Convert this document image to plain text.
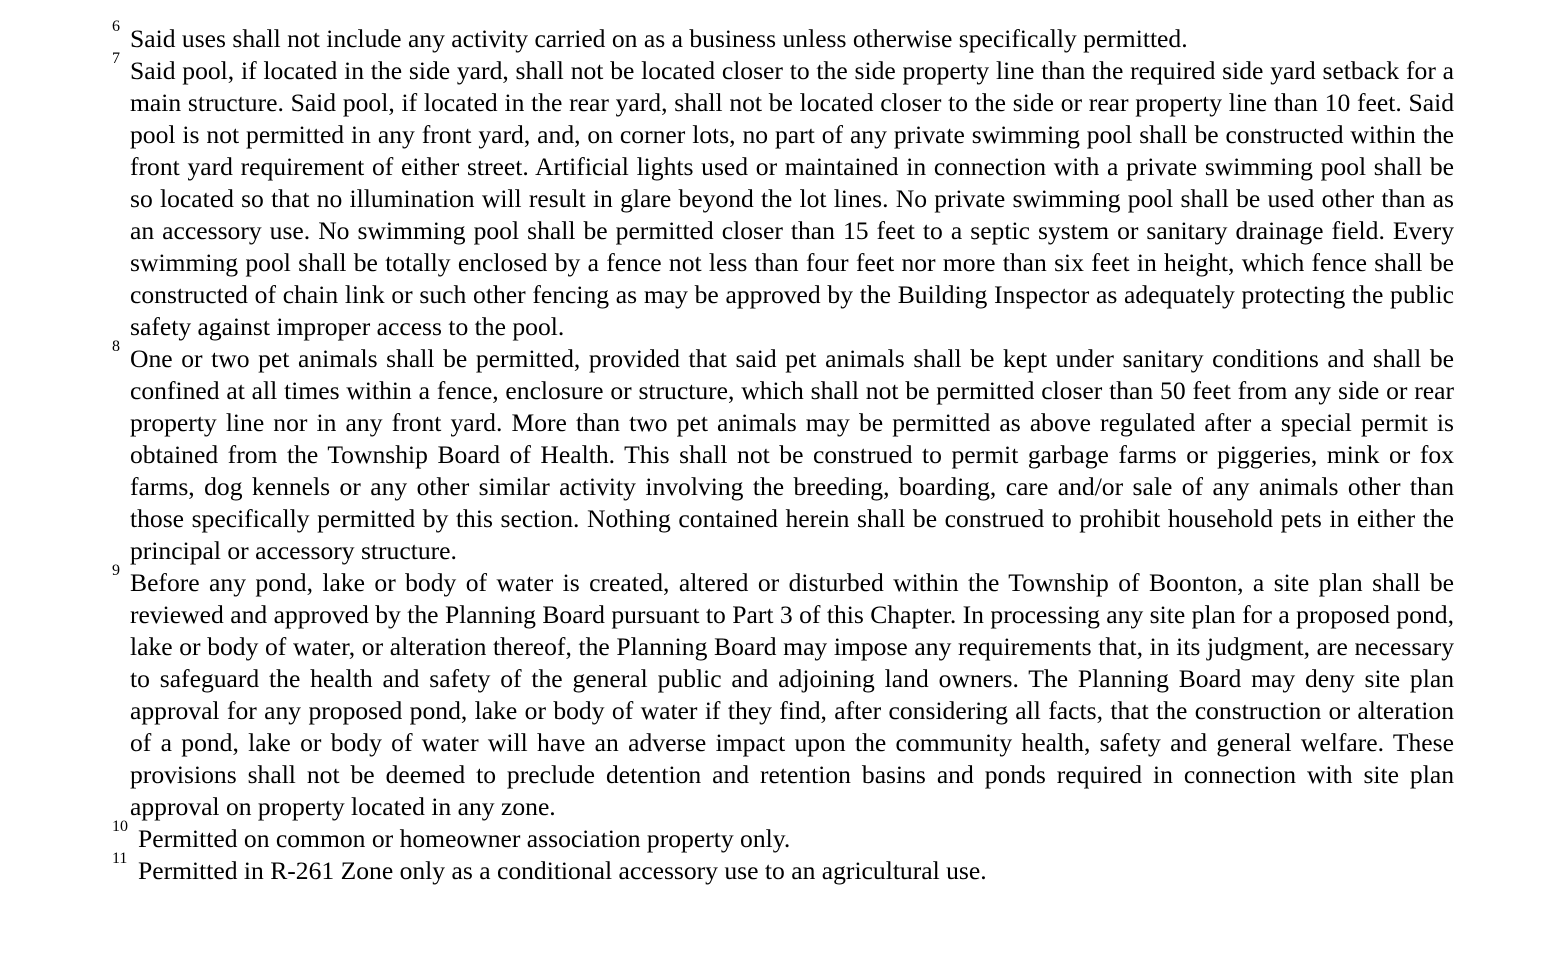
6 Said uses shall not include any activity carried on as a business unless otherwise specifically permitted.

7 Said pool, if located in the side yard, shall not be located closer to the side property line than the required side yard setback for a main structure. Said pool, if located in the rear yard, shall not be located closer to the side or rear property line than 10 feet. Said pool is not permitted in any front yard, and, on corner lots, no part of any private swimming pool shall be constructed within the front yard requirement of either street. Artificial lights used or maintained in connection with a private swimming pool shall be so located so that no illumination will result in glare beyond the lot lines. No private swimming pool shall be used other than as an accessory use. No swimming pool shall be permitted closer than 15 feet to a septic system or sanitary drainage field. Every swimming pool shall be totally enclosed by a fence not less than four feet nor more than six feet in height, which fence shall be constructed of chain link or such other fencing as may be approved by the Building Inspector as adequately protecting the public safety against improper access to the pool.

8 One or two pet animals shall be permitted, provided that said pet animals shall be kept under sanitary conditions and shall be confined at all times within a fence, enclosure or structure, which shall not be permitted closer than 50 feet from any side or rear property line nor in any front yard. More than two pet animals may be permitted as above regulated after a special permit is obtained from the Township Board of Health. This shall not be construed to permit garbage farms or piggeries, mink or fox farms, dog kennels or any other similar activity involving the breeding, boarding, care and/or sale of any animals other than those specifically permitted by this section. Nothing contained herein shall be construed to prohibit household pets in either the principal or accessory structure.

9 Before any pond, lake or body of water is created, altered or disturbed within the Township of Boonton, a site plan shall be reviewed and approved by the Planning Board pursuant to Part 3 of this Chapter. In processing any site plan for a proposed pond, lake or body of water, or alteration thereof, the Planning Board may impose any requirements that, in its judgment, are necessary to safeguard the health and safety of the general public and adjoining land owners. The Planning Board may deny site plan approval for any proposed pond, lake or body of water if they find, after considering all facts, that the construction or alteration of a pond, lake or body of water will have an adverse impact upon the community health, safety and general welfare. These provisions shall not be deemed to preclude detention and retention basins and ponds required in connection with site plan approval on property located in any zone.

10 Permitted on common or homeowner association property only.

11 Permitted in R-261 Zone only as a conditional accessory use to an agricultural use.
